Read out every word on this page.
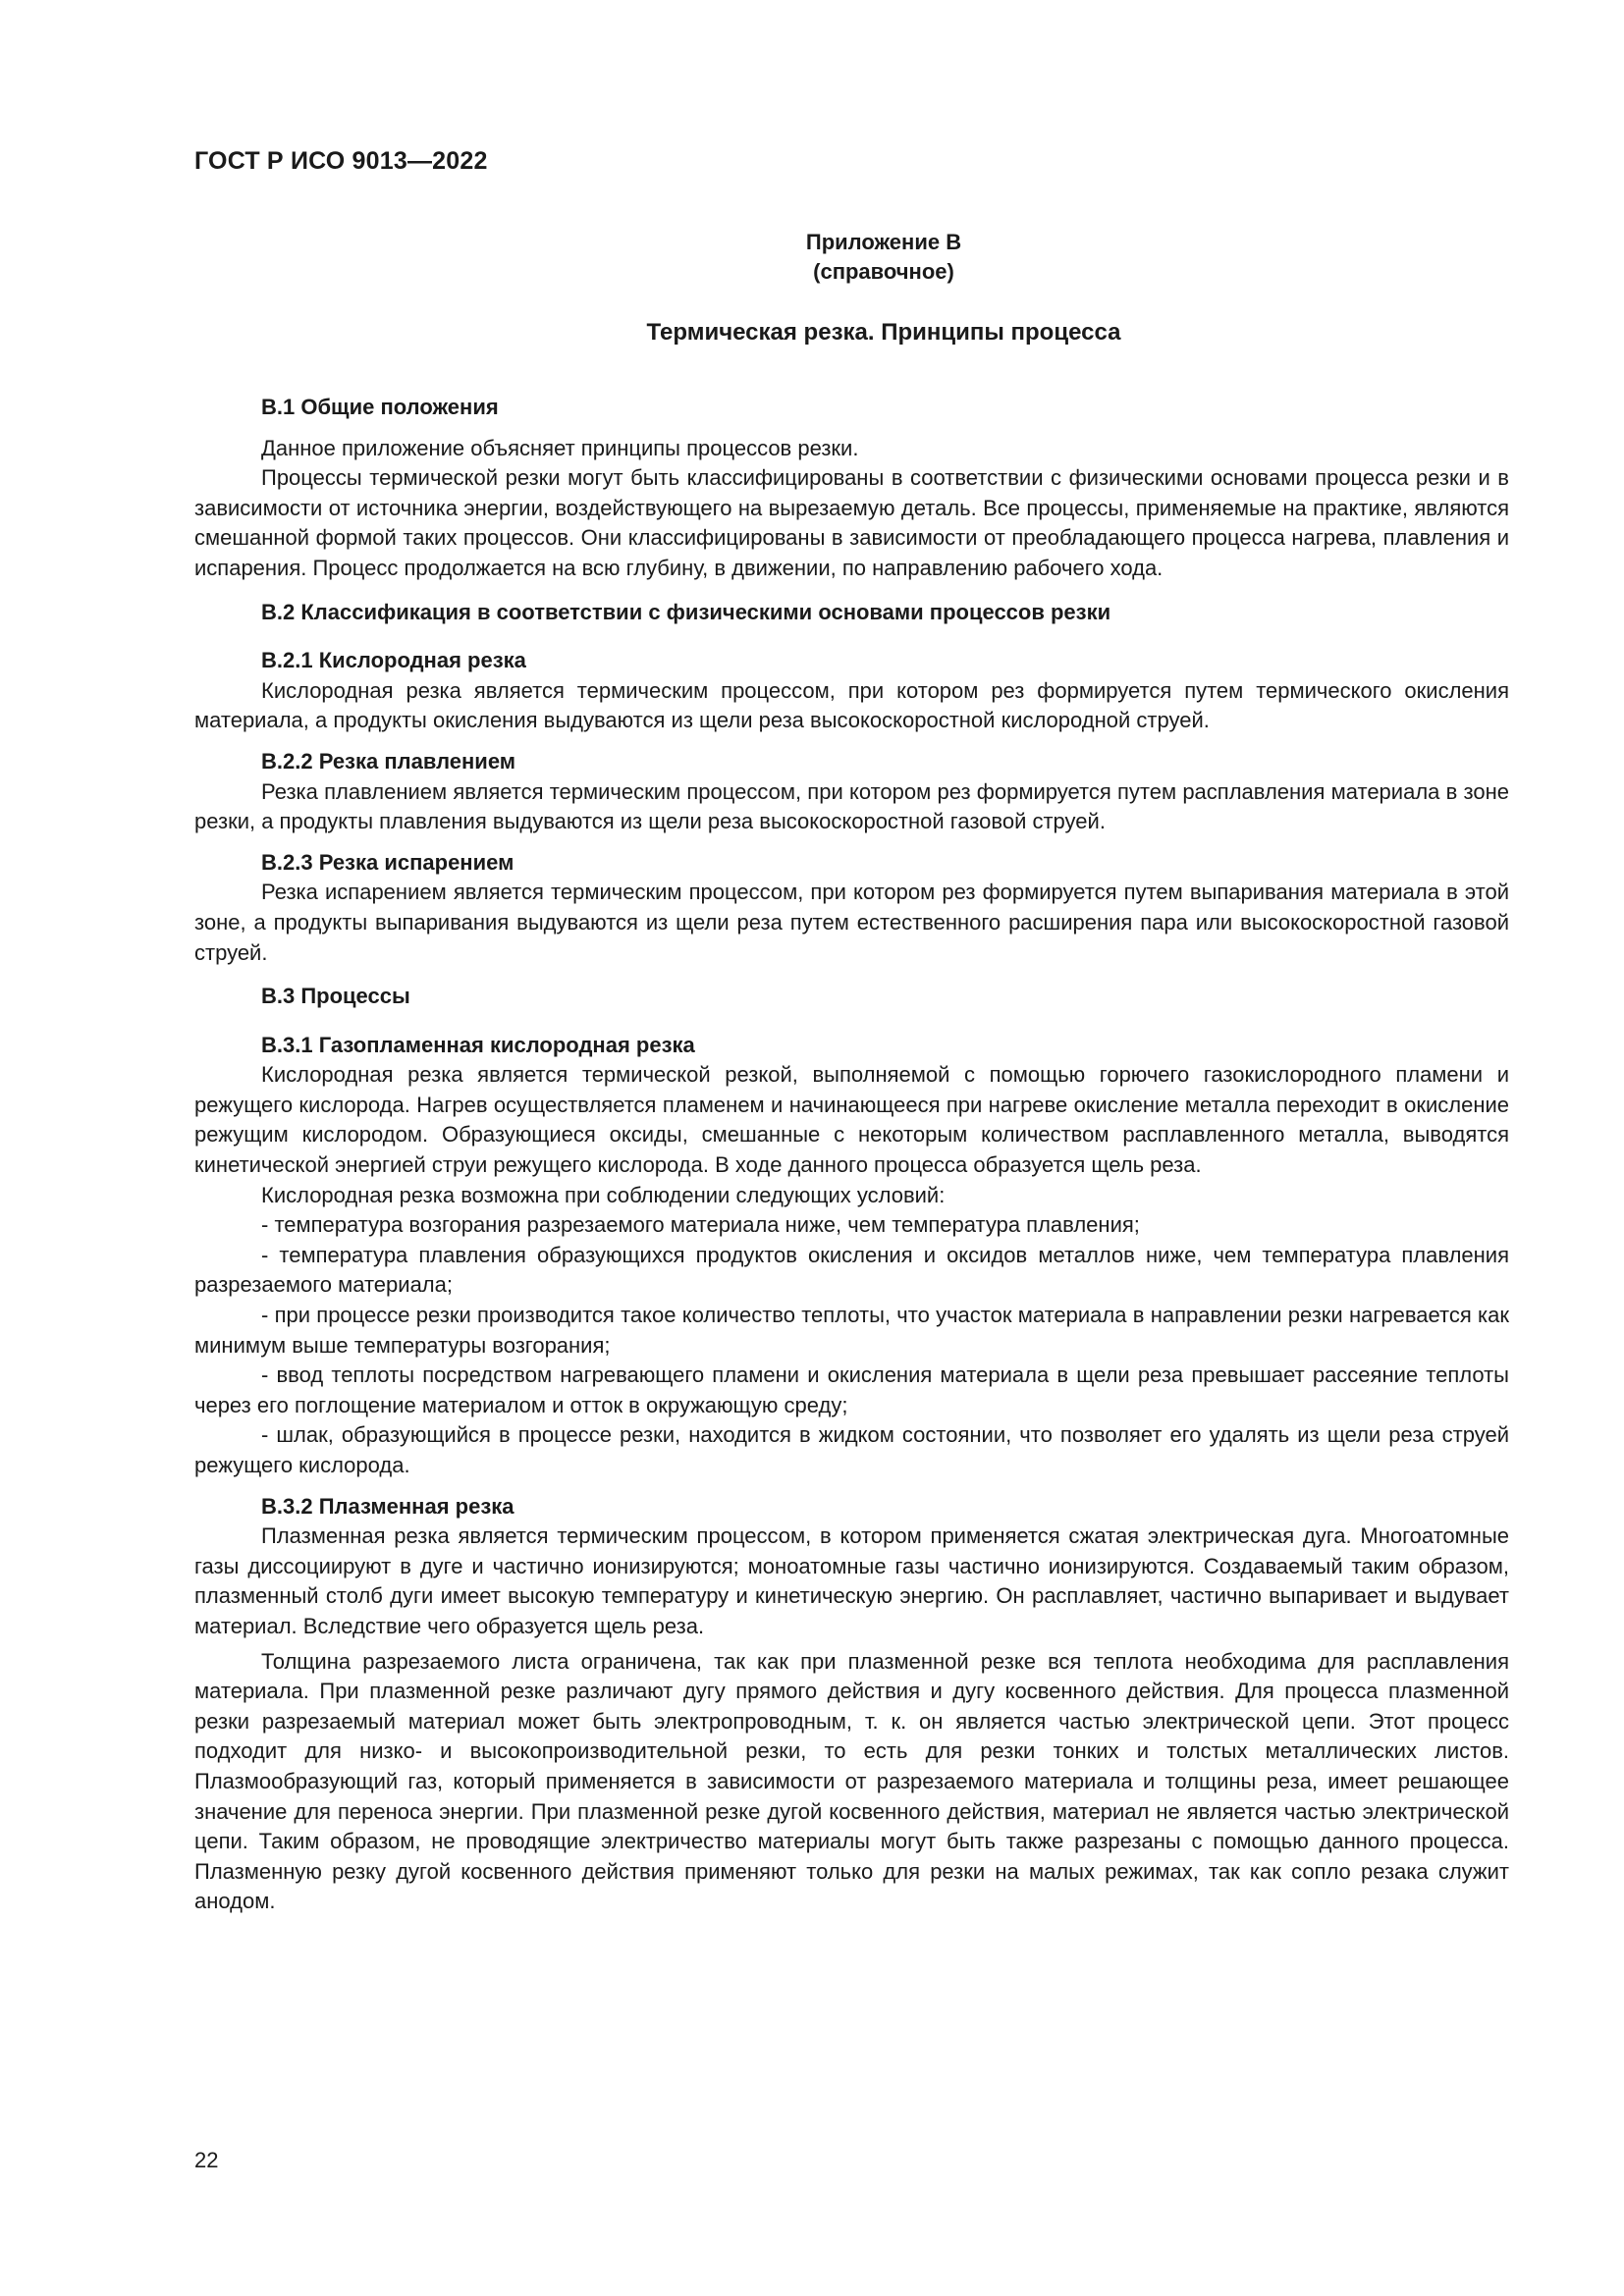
ГОСТ Р ИСО 9013—2022
Приложение B
(справочное)
Термическая резка. Принципы процесса

B.1 Общие положения

Данное приложение объясняет принципы процессов резки.

Процессы термической резки могут быть классифицированы в соответствии с физическими основами процесса резки и в зависимости от источника энергии, воздействующего на вырезаемую деталь. Все процессы, применяемые на практике, являются смешанной формой таких процессов. Они классифицированы в зависимости от преобладающего процесса нагрева, плавления и испарения. Процесс продолжается на всю глубину, в движении, по направлению рабочего хода.

B.2 Классификация в соответствии с физическими основами процессов резки

B.2.1 Кислородная резка

Кислородная резка является термическим процессом, при котором рез формируется путем термического окисления материала, а продукты окисления выдуваются из щели реза высокоскоростной кислородной струей.

B.2.2 Резка плавлением

Резка плавлением является термическим процессом, при котором рез формируется путем расплавления материала в зоне резки, а продукты плавления выдуваются из щели реза высокоскоростной газовой струей.

B.2.3 Резка испарением

Резка испарением является термическим процессом, при котором рез формируется путем выпаривания материала в этой зоне, а продукты выпаривания выдуваются из щели реза путем естественного расширения пара или высокоскоростной газовой струей.

B.3 Процессы

B.3.1 Газопламенная кислородная резка

Кислородная резка является термической резкой, выполняемой с помощью горючего газокислородного пламени и режущего кислорода. Нагрев осуществляется пламенем и начинающееся при нагреве окисление металла переходит в окисление режущим кислородом. Образующиеся оксиды, смешанные с некоторым количеством расплавленного металла, выводятся кинетической энергией струи режущего кислорода. В ходе данного процесса образуется щель реза.

Кислородная резка возможна при соблюдении следующих условий:

- температура возгорания разрезаемого материала ниже, чем температура плавления;

- температура плавления образующихся продуктов окисления и оксидов металлов ниже, чем температура плавления разрезаемого материала;

- при процессе резки производится такое количество теплоты, что участок материала в направлении резки нагревается как минимум выше температуры возгорания;

- ввод теплоты посредством нагревающего пламени и окисления материала в щели реза превышает рассеяние теплоты через его поглощение материалом и отток в окружающую среду;

- шлак, образующийся в процессе резки, находится в жидком состоянии, что позволяет его удалять из щели реза струей режущего кислорода.

B.3.2 Плазменная резка

Плазменная резка является термическим процессом, в котором применяется сжатая электрическая дуга. Многоатомные газы диссоциируют в дуге и частично ионизируются; моноатомные газы частично ионизируются. Создаваемый таким образом, плазменный столб дуги имеет высокую температуру и кинетическую энергию. Он расплавляет, частично выпаривает и выдувает материал. Вследствие чего образуется щель реза.

Толщина разрезаемого листа ограничена, так как при плазменной резке вся теплота необходима для расплавления материала. При плазменной резке различают дугу прямого действия и дугу косвенного действия. Для процесса плазменной резки разрезаемый материал может быть электропроводным, т. к. он является частью электрической цепи. Этот процесс подходит для низко- и высокопроизводительной резки, то есть для резки тонких и толстых металлических листов. Плазмообразующий газ, который применяется в зависимости от разрезаемого материала и толщины реза, имеет решающее значение для переноса энергии. При плазменной резке дугой косвенного действия, материал не является частью электрической цепи. Таким образом, не проводящие электричество материалы могут быть также разрезаны с помощью данного процесса. Плазменную резку дугой косвенного действия применяют только для резки на малых режимах, так как сопло резака служит анодом.

22
